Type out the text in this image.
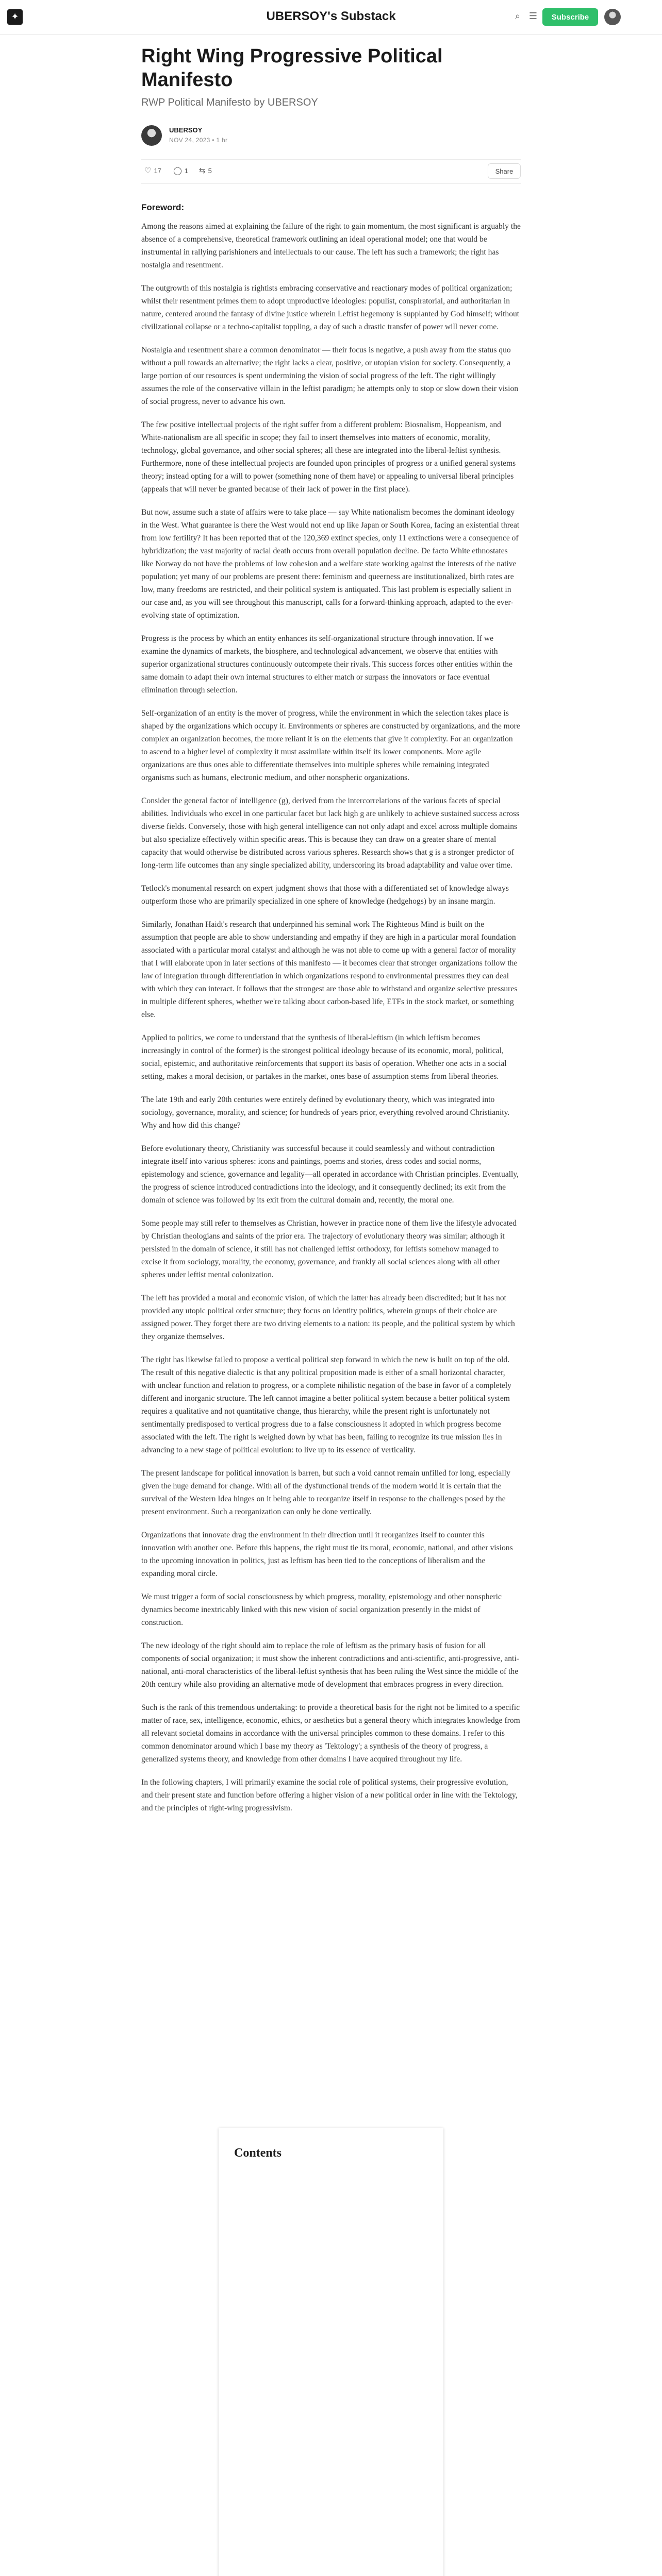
✦	UBERSOY's Substack	⌕ ☰	Subscribe
Right Wing Progressive Political Manifesto
RWP Political Manifesto by UBERSOY
UBERSOY
NOV 24, 2023 • 1 hr
♡ 17 ◯ 1 ⇆ 5	Share
Foreword:

Among the reasons aimed at explaining the failure of the right to gain momentum, the most significant is arguably the absence of a comprehensive, theoretical framework outlining an ideal operational model; one that would be instrumental in rallying parishioners and intellectuals to our cause. The left has such a framework; the right has nostalgia and resentment.

The outgrowth of this nostalgia is rightists embracing conservative and reactionary modes of political organization; whilst their resentment primes them to adopt unproductive ideologies: populist, conspiratorial, and authoritarian in nature, centered around the fantasy of divine justice wherein Leftist hegemony is supplanted by God himself; without civilizational collapse or a techno-capitalist toppling, a day of such a drastic transfer of power will never come.

Nostalgia and resentment share a common denominator — their focus is negative, a push away from the status quo without a pull towards an alternative; the right lacks a clear, positive, or utopian vision for society. Consequently, a large portion of our resources is spent undermining the vision of social progress of the left. The right willingly assumes the role of the conservative villain in the leftist paradigm; he attempts only to stop or slow down their vision of social progress, never to advance his own.

The few positive intellectual projects of the right suffer from a different problem: Biosnalism, Hoppeanism, and White-nationalism are all specific in scope; they fail to insert themselves into matters of economic, morality, technology, global governance, and other social spheres; all these are integrated into the liberal-leftist synthesis. Furthermore, none of these intellectual projects are founded upon principles of progress or a unified general systems theory; instead opting for a will to power (something none of them have) or appealing to universal liberal principles (appeals that will never be granted because of their lack of power in the first place).

But now, assume such a state of affairs were to take place — say White nationalism becomes the dominant ideology in the West. What guarantee is there the West would not end up like Japan or South Korea, facing an existential threat from low fertility? It has been reported that of the 120,369 extinct species, only 11 extinctions were a consequence of hybridization; the vast majority of racial death occurs from overall population decline. De facto White ethnostates like Norway do not have the problems of low cohesion and a welfare state working against the interests of the native population; yet many of our problems are present there: feminism and queerness are institutionalized, birth rates are low, many freedoms are restricted, and their political system is antiquated. This last problem is especially salient in our case and, as you will see throughout this manuscript, calls for a forward-thinking approach, adapted to the ever-evolving state of optimization.

Progress is the process by which an entity enhances its self-organizational structure through innovation. If we examine the dynamics of markets, the biosphere, and technological advancement, we observe that entities with superior organizational structures continuously outcompete their rivals. This success forces other entities within the same domain to adapt their own internal structures to either match or surpass the innovators or face eventual elimination through selection.

Self-organization of an entity is the mover of progress, while the environment in which the selection takes place is shaped by the organizations which occupy it. Environments or spheres are constructed by organizations, and the more complex an organization becomes, the more reliant it is on the elements that give it complexity. For an organization to ascend to a higher level of complexity it must assimilate within itself its lower components. More agile organizations are thus ones able to differentiate themselves into multiple spheres while remaining integrated organisms such as humans, electronic medium, and other nonspheric organizations.

Consider the general factor of intelligence (g), derived from the intercorrelations of the various facets of special abilities. Individuals who excel in one particular facet but lack high g are unlikely to achieve sustained success across diverse fields. Conversely, those with high general intelligence can not only adapt and excel across multiple domains but also specialize effectively within specific areas. This is because they can draw on a greater share of mental capacity that would otherwise be distributed across various spheres. Research shows that g is a stronger predictor of long-term life outcomes than any single specialized ability, underscoring its broad adaptability and value over time.

Tetlock's monumental research on expert judgment shows that those with a differentiated set of knowledge always outperform those who are primarily specialized in one sphere of knowledge (hedgehogs) by an insane margin.

Similarly, Jonathan Haidt's research that underpinned his seminal work The Righteous Mind is built on the assumption that people are able to show understanding and empathy if they are high in a particular moral foundation associated with a particular moral catalyst and although he was not able to come up with a general factor of morality that I will elaborate upon in later sections of this manifesto — it becomes clear that stronger organizations follow the law of integration through differentiation in which organizations respond to environmental pressures they can deal with which they can interact. It follows that the strongest are those able to withstand and organize selective pressures in multiple different spheres, whether we're talking about carbon-based life, ETFs in the stock market, or something else.

Applied to politics, we come to understand that the synthesis of liberal-leftism (in which leftism becomes increasingly in control of the former) is the strongest political ideology because of its economic, moral, political, social, epistemic, and authoritative reinforcements that support its basis of operation. Whether one acts in a social setting, makes a moral decision, or partakes in the market, ones base of assumption stems from liberal theories.

The late 19th and early 20th centuries were entirely defined by evolutionary theory, which was integrated into sociology, governance, morality, and science; for hundreds of years prior, everything revolved around Christianity. Why and how did this change?

Before evolutionary theory, Christianity was successful because it could seamlessly and without contradiction integrate itself into various spheres: icons and paintings, poems and stories, dress codes and social norms, epistemology and science, governance and legality—all operated in accordance with Christian principles. Eventually, the progress of science introduced contradictions into the ideology, and it consequently declined; its exit from the domain of science was followed by its exit from the cultural domain and, recently, the moral one.

Some people may still refer to themselves as Christian, however in practice none of them live the lifestyle advocated by Christian theologians and saints of the prior era. The trajectory of evolutionary theory was similar; although it persisted in the domain of science, it still has not challenged leftist orthodoxy, for leftists somehow managed to excise it from sociology, morality, the economy, governance, and frankly all social sciences along with all other spheres under leftist mental colonization.

The left has provided a moral and economic vision, of which the latter has already been discredited; but it has not provided any utopic political order structure; they focus on identity politics, wherein groups of their choice are assigned power. They forget there are two driving elements to a nation: its people, and the political system by which they organize themselves.

The right has likewise failed to propose a vertical political step forward in which the new is built on top of the old. The result of this negative dialectic is that any political proposition made is either of a small horizontal character, with unclear function and relation to progress, or a complete nihilistic negation of the base in favor of a completely different and inorganic structure. The left cannot imagine a better political system because a better political system requires a qualitative and not quantitative change, thus hierarchy, while the present right is unfortunately not sentimentally predisposed to vertical progress due to a false consciousness it adopted in which progress become associated with the left. The right is weighed down by what has been, failing to recognize its true mission lies in advancing to a new stage of political evolution: to live up to its essence of verticality.

The present landscape for political innovation is barren, but such a void cannot remain unfilled for long, especially given the huge demand for change. With all of the dysfunctional trends of the modern world it is certain that the survival of the Western Idea hinges on it being able to reorganize itself in response to the challenges posed by the present environment. Such a reorganization can only be done vertically.

Organizations that innovate drag the environment in their direction until it reorganizes itself to counter this innovation with another one. Before this happens, the right must tie its moral, economic, national, and other visions to the upcoming innovation in politics, just as leftism has been tied to the conceptions of liberalism and the expanding moral circle.

We must trigger a form of social consciousness by which progress, morality, epistemology and other nonspheric dynamics become inextricably linked with this new vision of social organization presently in the midst of construction.

The new ideology of the right should aim to replace the role of leftism as the primary basis of fusion for all components of social organization; it must show the inherent contradictions and anti-scientific, anti-progressive, anti-national, anti-moral characteristics of the liberal-leftist synthesis that has been ruling the West since the middle of the 20th century while also providing an alternative mode of development that embraces progress in every direction.

Such is the rank of this tremendous undertaking: to provide a theoretical basis for the right not be limited to a specific matter of race, sex, intelligence, economic, ethics, or aesthetics but a general theory which integrates knowledge from all relevant societal domains in accordance with the universal principles common to these domains. I refer to this common denominator around which I base my theory as 'Tektology'; a synthesis of the theory of progress, a generalized systems theory, and knowledge from other domains I have acquired throughout my life.

In the following chapters, I will primarily examine the social role of political systems, their progressive evolution, and their present state and function before offering a higher vision of a new political order in line with the Tektology, and the principles of right-wing progressivism.

Contents
